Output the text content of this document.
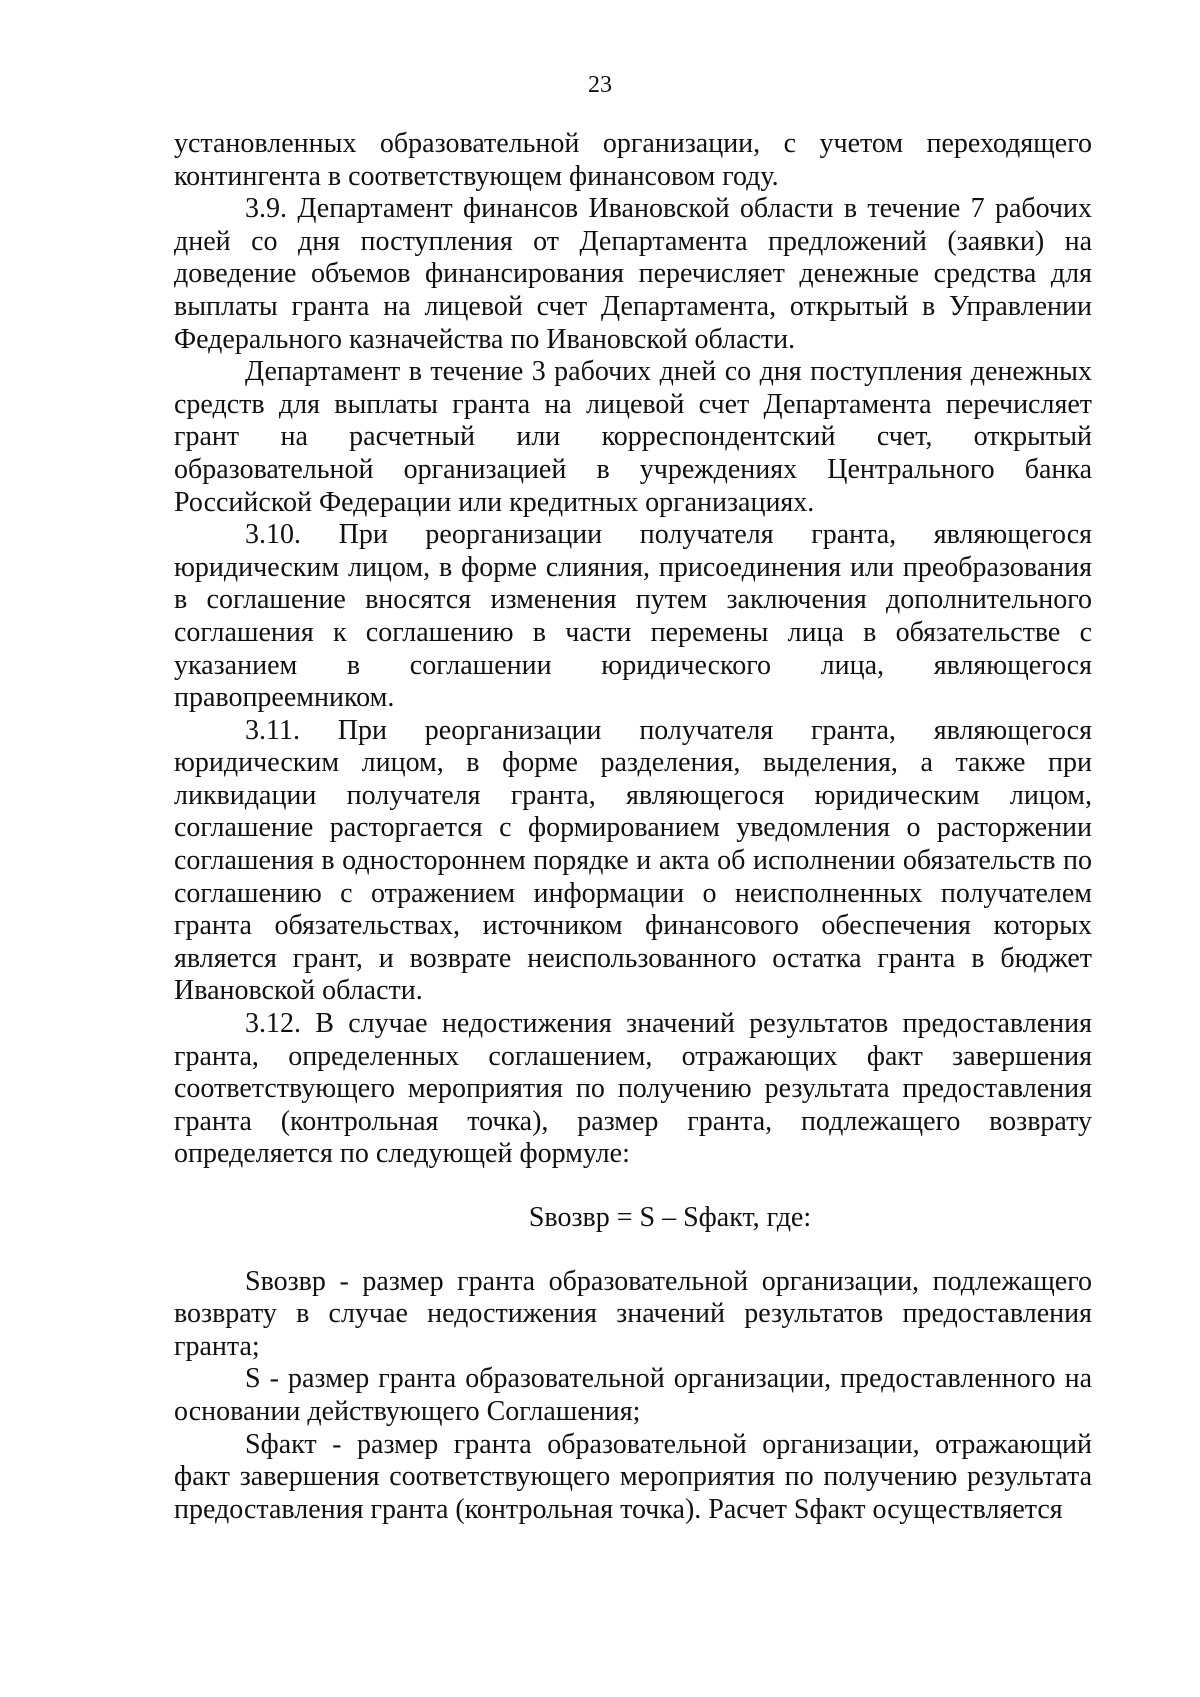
23

установленных образовательной организации, с учетом переходящего контингента в соответствующем финансовом году.

3.9. Департамент финансов Ивановской области в течение 7 рабочих дней со дня поступления от Департамента предложений (заявки) на доведение объемов финансирования перечисляет денежные средства для выплаты гранта на лицевой счет Департамента, открытый в Управлении Федерального казначейства по Ивановской области.

Департамент в течение 3 рабочих дней со дня поступления денежных средств для выплаты гранта на лицевой счет Департамента перечисляет грант на расчетный или корреспондентский счет, открытый образовательной организацией в учреждениях Центрального банка Российской Федерации или кредитных организациях.

3.10. При реорганизации получателя гранта, являющегося юридическим лицом, в форме слияния, присоединения или преобразования в соглашение вносятся изменения путем заключения дополнительного соглашения к соглашению в части перемены лица в обязательстве с указанием в соглашении юридического лица, являющегося правопреемником.

3.11. При реорганизации получателя гранта, являющегося юридическим лицом, в форме разделения, выделения, а также при ликвидации получателя гранта, являющегося юридическим лицом, соглашение расторгается с формированием уведомления о расторжении соглашения в одностороннем порядке и акта об исполнении обязательств по соглашению с отражением информации о неисполненных получателем гранта обязательствах, источником финансового обеспечения которых является грант, и возврате неиспользованного остатка гранта в бюджет Ивановской области.

3.12. В случае недостижения значений результатов предоставления гранта, определенных соглашением, отражающих факт завершения соответствующего мероприятия по получению результата предоставления гранта (контрольная точка), размер гранта, подлежащего возврату определяется по следующей формуле:

Sвозвр = S – Sфакт, где:

Sвозвр - размер гранта образовательной организации, подлежащего возврату в случае недостижения значений результатов предоставления гранта;

S - размер гранта образовательной организации, предоставленного на основании действующего Соглашения;

Sфакт - размер гранта образовательной организации, отражающий факт завершения соответствующего мероприятия по получению результата предоставления гранта (контрольная точка). Расчет Sфакт осуществляется
